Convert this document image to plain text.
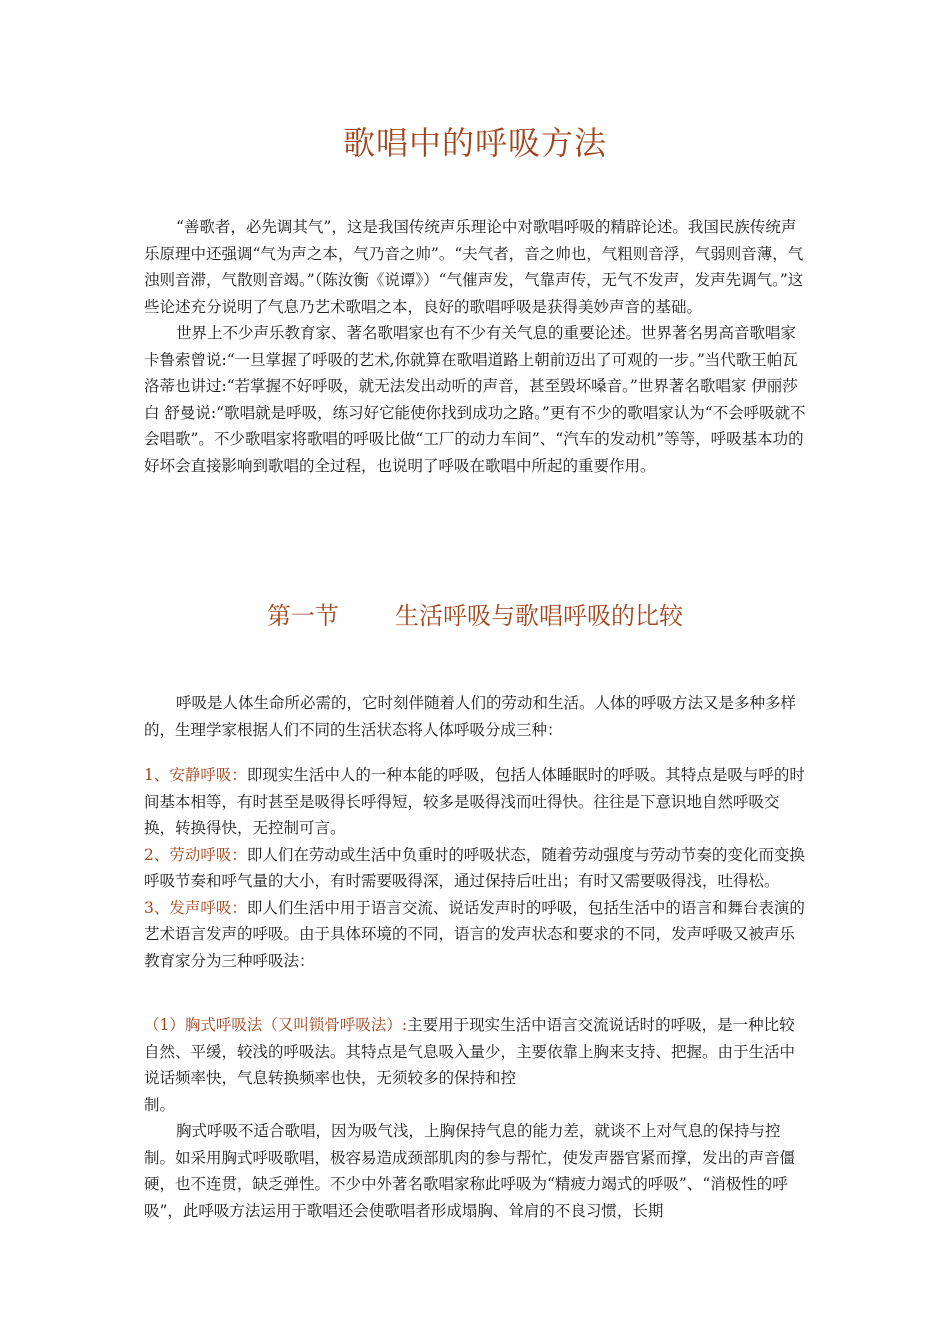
歌唱中的呼吸方法

“善歌者，必先调其气”，这是我国传统声乐理论中对歌唱呼吸的精辟论述。我国民族传统声乐原理中还强调“气为声之本，气乃音之帅”。“夫气者，音之帅也，气粗则音浮，气弱则音薄，气浊则音滞，气散则音竭。”（陈汝衡《说谭》）“气催声发，气靠声传，无气不发声，发声先调气。”这些论述充分说明了气息乃艺术歌唱之本，良好的歌唱呼吸是获得美妙声音的基础。

世界上不少声乐教育家、著名歌唱家也有不少有关气息的重要论述。世界著名男高音歌唱家卡鲁索曾说:“一旦掌握了呼吸的艺术,你就算在歌唱道路上朝前迈出了可观的一步。”当代歌王帕瓦洛蒂也讲过:“若掌握不好呼吸，就无法发出动听的声音，甚至毁坏嗓音。”世界著名歌唱家 伊丽莎白 舒曼说:“歌唱就是呼吸，练习好它能使你找到成功之路。”更有不少的歌唱家认为“不会呼吸就不会唱歌”。不少歌唱家将歌唱的呼吸比做“工厂的动力车间”、“汽车的发动机”等等，呼吸基本功的好坏会直接影响到歌唱的全过程，也说明了呼吸在歌唱中所起的重要作用。

第一节 生活呼吸与歌唱呼吸的比较

呼吸是人体生命所必需的，它时刻伴随着人们的劳动和生活。人体的呼吸方法又是多种多样的，生理学家根据人们不同的生活状态将人体呼吸分成三种：

1、安静呼吸：即现实生活中人的一种本能的呼吸，包括人体睡眠时的呼吸。其特点是吸与呼的时间基本相等，有时甚至是吸得长呼得短，较多是吸得浅而吐得快。往往是下意识地自然呼吸交换，转换得快，无控制可言。

2、劳动呼吸：即人们在劳动或生活中负重时的呼吸状态，随着劳动强度与劳动节奏的变化而变换呼吸节奏和呼气量的大小，有时需要吸得深，通过保持后吐出；有时又需要吸得浅，吐得松。

3、发声呼吸：即人们生活中用于语言交流、说话发声时的呼吸，包括生活中的语言和舞台表演的艺术语言发声的呼吸。由于具体环境的不同，语言的发声状态和要求的不同，发声呼吸又被声乐教育家分为三种呼吸法：

（1）胸式呼吸法（又叫锁骨呼吸法）:主要用于现实生活中语言交流说话时的呼吸，是一种比较自然、平缓，较浅的呼吸法。其特点是气息吸入量少，主要依靠上胸来支持、把握。由于生活中说话频率快，气息转换频率也快，无须较多的保持和控

制。

胸式呼吸不适合歌唱，因为吸气浅，上胸保持气息的能力差，就谈不上对气息的保持与控制。如采用胸式呼吸歌唱，极容易造成颈部肌肉的参与帮忙，使发声器官紧而撑，发出的声音僵硬，也不连贯，缺乏弹性。不少中外著名歌唱家称此呼吸为“精疲力竭式的呼吸”、“消极性的呼吸”，此呼吸方法运用于歌唱还会使歌唱者形成塌胸、耸肩的不良习惯，长期
